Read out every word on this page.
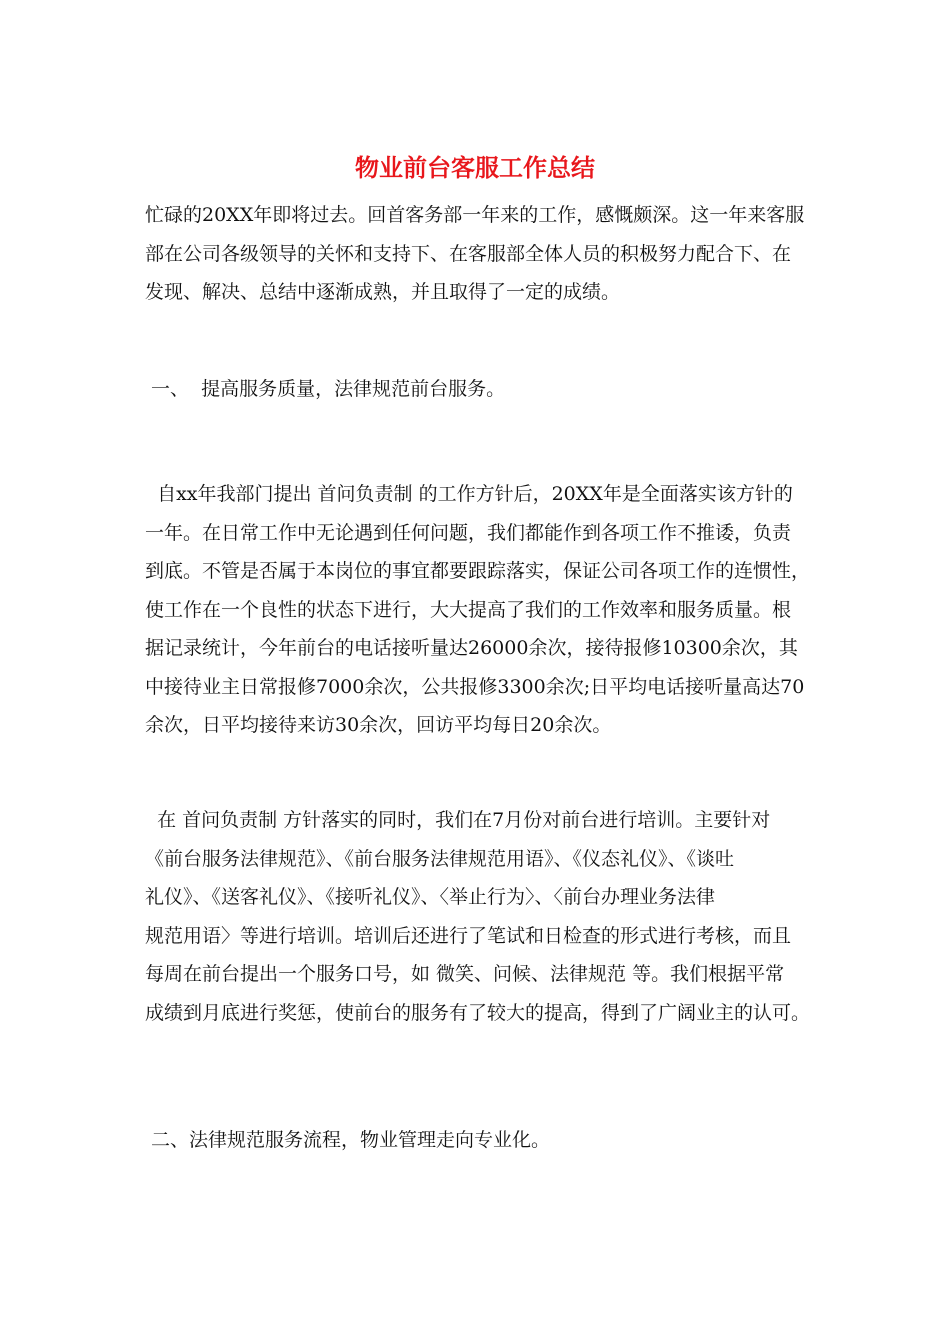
物业前台客服工作总结
忙碌的20XX年即将过去。回首客务部一年来的工作，感慨颇深。这一年来客服
部在公司各级领导的关怀和支持下、在客服部全体人员的积极努力配合下、在
发现、解决、总结中逐渐成熟，并且取得了一定的成绩。
一、  提高服务质量，法律规范前台服务。
自xx年我部门提出 首问负责制 的工作方针后，20XX年是全面落实该方针的
一年。在日常工作中无论遇到任何问题，我们都能作到各项工作不推诿，负责
到底。不管是否属于本岗位的事宜都要跟踪落实，保证公司各项工作的连惯性，
使工作在一个良性的状态下进行，大大提高了我们的工作效率和服务质量。根
据记录统计，今年前台的电话接听量达26000余次，接待报修10300余次，其
中接待业主日常报修7000余次，公共报修3300余次;日平均电话接听量高达70
余次，日平均接待来访30余次，回访平均每日20余次。
在 首问负责制 方针落实的同时，我们在7月份对前台进行培训。主要针对
《前台服务法律规范》、《前台服务法律规范用语》、《仪态礼仪》、《谈吐
礼仪》、《送客礼仪》、《接听礼仪》、〈举止行为〉、〈前台办理业务法律
规范用语〉等进行培训。培训后还进行了笔试和日检查的形式进行考核，而且
每周在前台提出一个服务口号，如 微笑、问候、法律规范 等。我们根据平常
成绩到月底进行奖惩，使前台的服务有了较大的提高，得到了广阔业主的认可。
二、法律规范服务流程，物业管理走向专业化。
